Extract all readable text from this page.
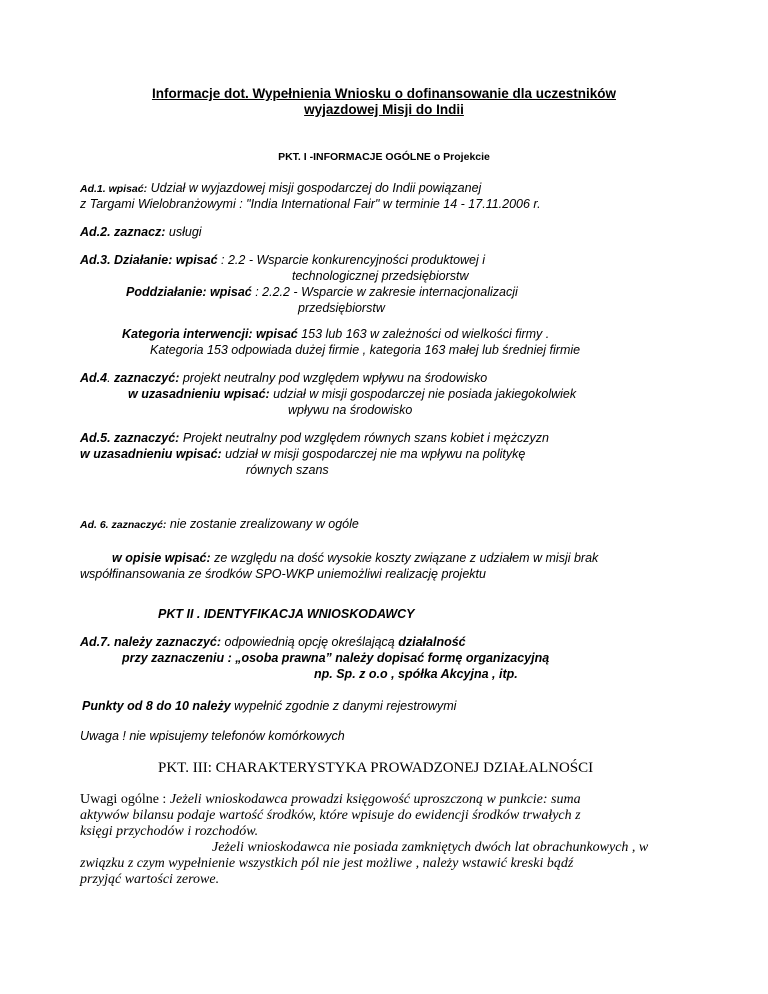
Informacje dot. Wypełnienia Wniosku o dofinansowanie dla uczestników
wyjazdowej Misji do Indii
PKT. I -INFORMACJE OGÓLNE o Projekcie
Ad.1. wpisać: Udział w wyjazdowej misji gospodarczej do Indii powiązanej
z Targami Wielobranżowymi : "India International Fair" w terminie 14 - 17.11.2006 r.
Ad.2. zaznacz: usługi
Ad.3. Działanie: wpisać : 2.2 - Wsparcie konkurencyjności produktowej i
technologicznej przedsiębiorstw
Poddziałanie: wpisać : 2.2.2 - Wsparcie w zakresie internacjonalizacji
przedsiębiorstw
Kategoria interwencji: wpisać 153 lub 163 w zależności od wielkości firmy .
Kategoria 153 odpowiada dużej firmie , kategoria 163 małej lub średniej firmie
Ad.4. zaznaczyć: projekt neutralny pod względem wpływu na środowisko
w uzasadnieniu wpisać: udział w misji gospodarczej nie posiada jakiegokolwiek
wpływu na środowisko
Ad.5. zaznaczyć: Projekt neutralny pod względem równych szans kobiet i mężczyzn
w uzasadnieniu wpisać: udział w misji gospodarczej nie ma wpływu na politykę
równych szans
Ad. 6. zaznaczyć: nie zostanie zrealizowany w ogóle
w opisie wpisać: ze względu na dość wysokie koszty związane z udziałem w misji brak
współfinansowania ze środków SPO-WKP uniemożliwi realizację projektu
PKT II . IDENTYFIKACJA WNIOSKODAWCY
Ad.7. należy zaznaczyć: odpowiednią opcję określającą działalność
przy zaznaczeniu : „osoba prawna” należy dopisać formę organizacyjną
np. Sp. z o.o , spółka Akcyjna , itp.
Punkty od 8 do 10 należy wypełnić zgodnie z danymi rejestrowymi
Uwaga ! nie wpisujemy telefonów komórkowych
PKT. III: CHARAKTERYSTYKA PROWADZONEJ DZIAŁALNOŚCI
Uwagi ogólne : Jeżeli wnioskodawca prowadzi księgowość uproszczoną w punkcie: suma
aktywów bilansu podaje wartość środków, które wpisuje do ewidencji środków trwałych z
księgi przychodów i rozchodów.
Jeżeli wnioskodawca nie posiada zamkniętych dwóch lat obrachunkowych , w
związku z czym wypełnienie wszystkich pól nie jest możliwe , należy wstawić kreski bądź
przyjąć wartości zerowe.
